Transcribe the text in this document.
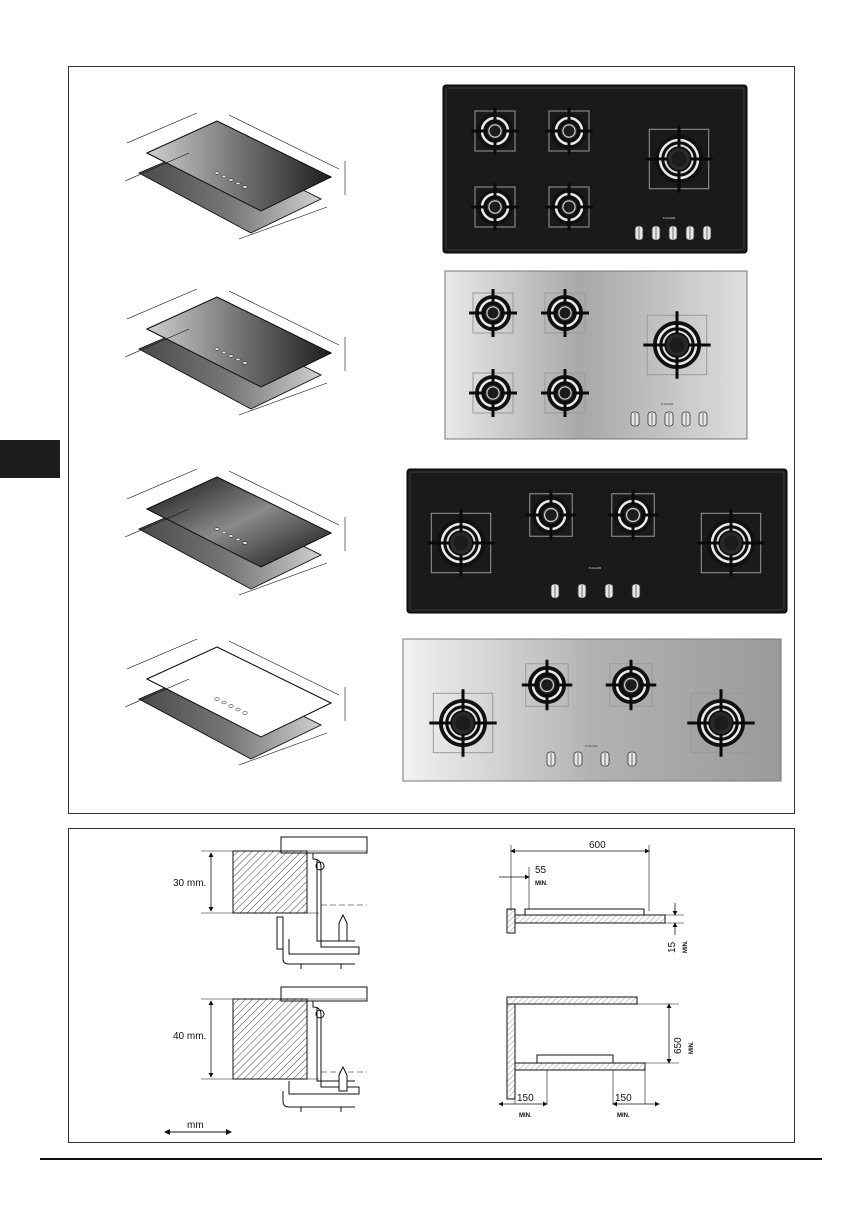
FULGOR
FULGOR
FULGOR
FULGOR
30 mm.
40 mm.
mm
600
55
MIN.
15 MIN.
650 MIN.
150
MIN.
150
MIN.
